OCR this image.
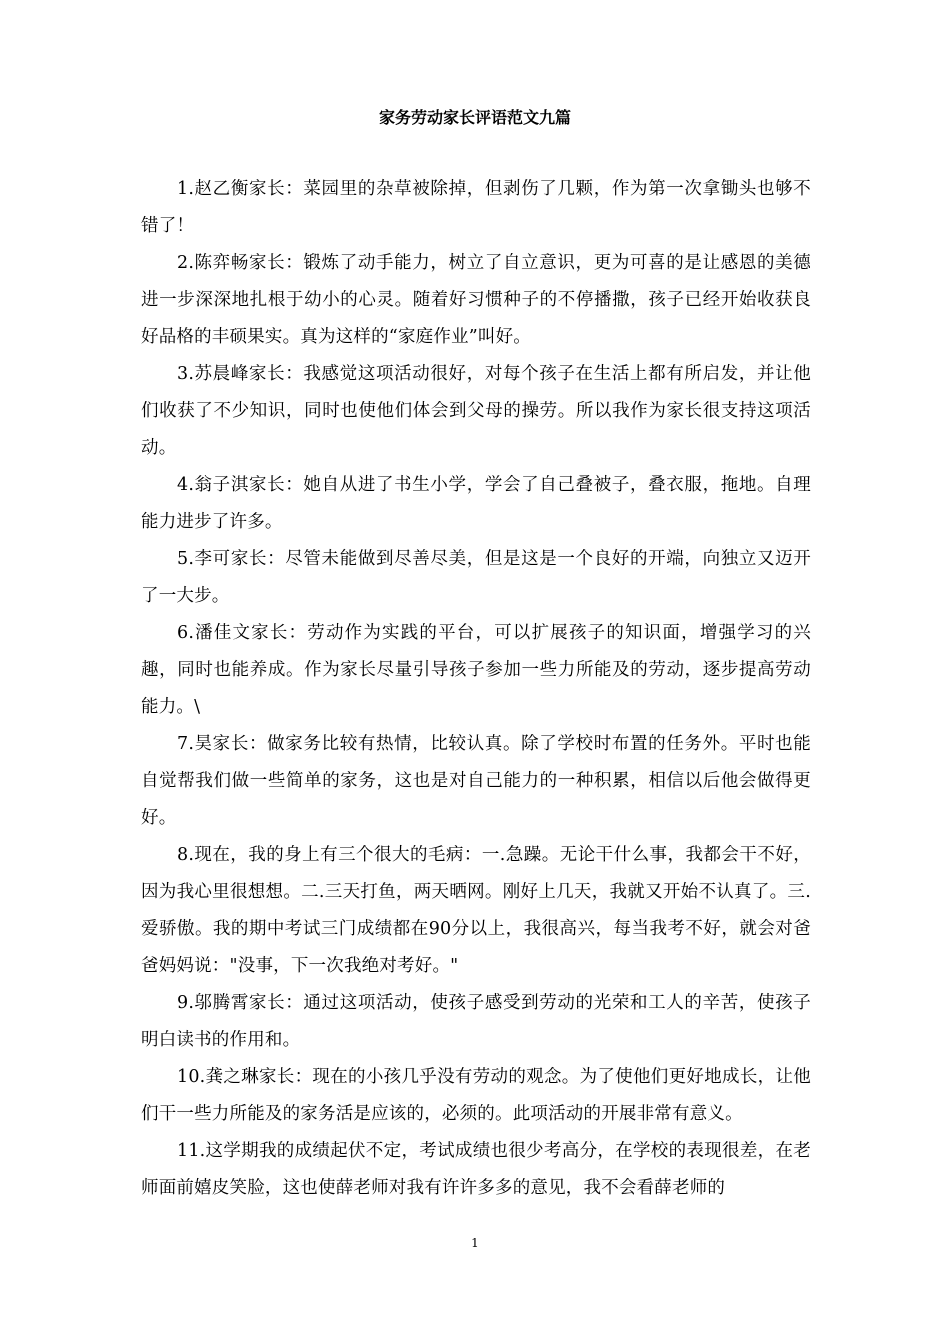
家务劳动家长评语范文九篇

1.赵乙衡家长：菜园里的杂草被除掉，但剥伤了几颗，作为第一次拿锄头也够不错了！

2.陈弈畅家长：锻炼了动手能力，树立了自立意识，更为可喜的是让感恩的美德进一步深深地扎根于幼小的心灵。随着好习惯种子的不停播撒，孩子已经开始收获良好品格的丰硕果实。真为这样的“家庭作业”叫好。

3.苏晨峰家长：我感觉这项活动很好，对每个孩子在生活上都有所启发，并让他们收获了不少知识，同时也使他们体会到父母的操劳。所以我作为家长很支持这项活动。

4.翁子淇家长：她自从进了书生小学，学会了自己叠被子，叠衣服，拖地。自理能力进步了许多。

5.李可家长：尽管未能做到尽善尽美，但是这是一个良好的开端，向独立又迈开了一大步。

6.潘佳文家长：劳动作为实践的平台，可以扩展孩子的知识面，增强学习的兴趣，同时也能养成。作为家长尽量引导孩子参加一些力所能及的劳动，逐步提高劳动能力。\

7.昊家长：做家务比较有热情，比较认真。除了学校时布置的任务外。平时也能自觉帮我们做一些简单的家务，这也是对自己能力的一种积累，相信以后他会做得更好。

8.现在，我的身上有三个很大的毛病：一.急躁。无论干什么事，我都会干不好，因为我心里很想想。二.三天打鱼，两天晒网。刚好上几天，我就又开始不认真了。三.爱骄傲。我的期中考试三门成绩都在90分以上，我很高兴，每当我考不好，就会对爸爸妈妈说："没事，下一次我绝对考好。"

9.邬腾霄家长：通过这项活动，使孩子感受到劳动的光荣和工人的辛苦，使孩子明白读书的作用和。

10.龚之琳家长：现在的小孩几乎没有劳动的观念。为了使他们更好地成长，让他们干一些力所能及的家务活是应该的，必须的。此项活动的开展非常有意义。

11.这学期我的成绩起伏不定，考试成绩也很少考高分，在学校的表现很差，在老师面前嬉皮笑脸，这也使薛老师对我有许许多多的意见，我不会看薛老师的

1
